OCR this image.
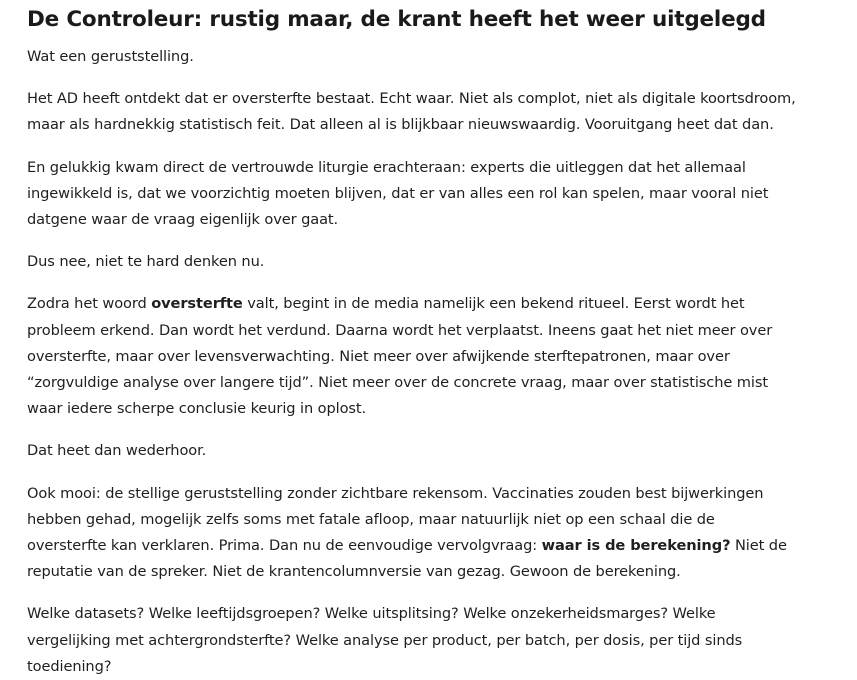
De Controleur: rustig maar, de krant heeft het weer uitgelegd

Wat een geruststelling.

Het AD heeft ontdekt dat er oversterfte bestaat. Echt waar. Niet als complot, niet als digitale koortsdroom, maar als hardnekkig statistisch feit. Dat alleen al is blijkbaar nieuwswaardig. Vooruitgang heet dat dan.

En gelukkig kwam direct de vertrouwde liturgie erachteraan: experts die uitleggen dat het allemaal ingewikkeld is, dat we voorzichtig moeten blijven, dat er van alles een rol kan spelen, maar vooral niet datgene waar de vraag eigenlijk over gaat.

Dus nee, niet te hard denken nu.

Zodra het woord oversterfte valt, begint in de media namelijk een bekend ritueel. Eerst wordt het probleem erkend. Dan wordt het verdund. Daarna wordt het verplaatst. Ineens gaat het niet meer over oversterfte, maar over levensverwachting. Niet meer over afwijkende sterftepatronen, maar over “zorgvuldige analyse over langere tijd”. Niet meer over de concrete vraag, maar over statistische mist waar iedere scherpe conclusie keurig in oplost.

Dat heet dan wederhoor.

Ook mooi: de stellige geruststelling zonder zichtbare rekensom. Vaccinaties zouden best bijwerkingen hebben gehad, mogelijk zelfs soms met fatale afloop, maar natuurlijk niet op een schaal die de oversterfte kan verklaren. Prima. Dan nu de eenvoudige vervolgvraag: waar is de berekening? Niet de reputatie van de spreker. Niet de krantencolumnversie van gezag. Gewoon de berekening.

Welke datasets? Welke leeftijdsgroepen? Welke uitsplitsing? Welke onzekerheidsmarges? Welke vergelijking met achtergrondsterfte? Welke analyse per product, per batch, per dosis, per tijd sinds toediening?
